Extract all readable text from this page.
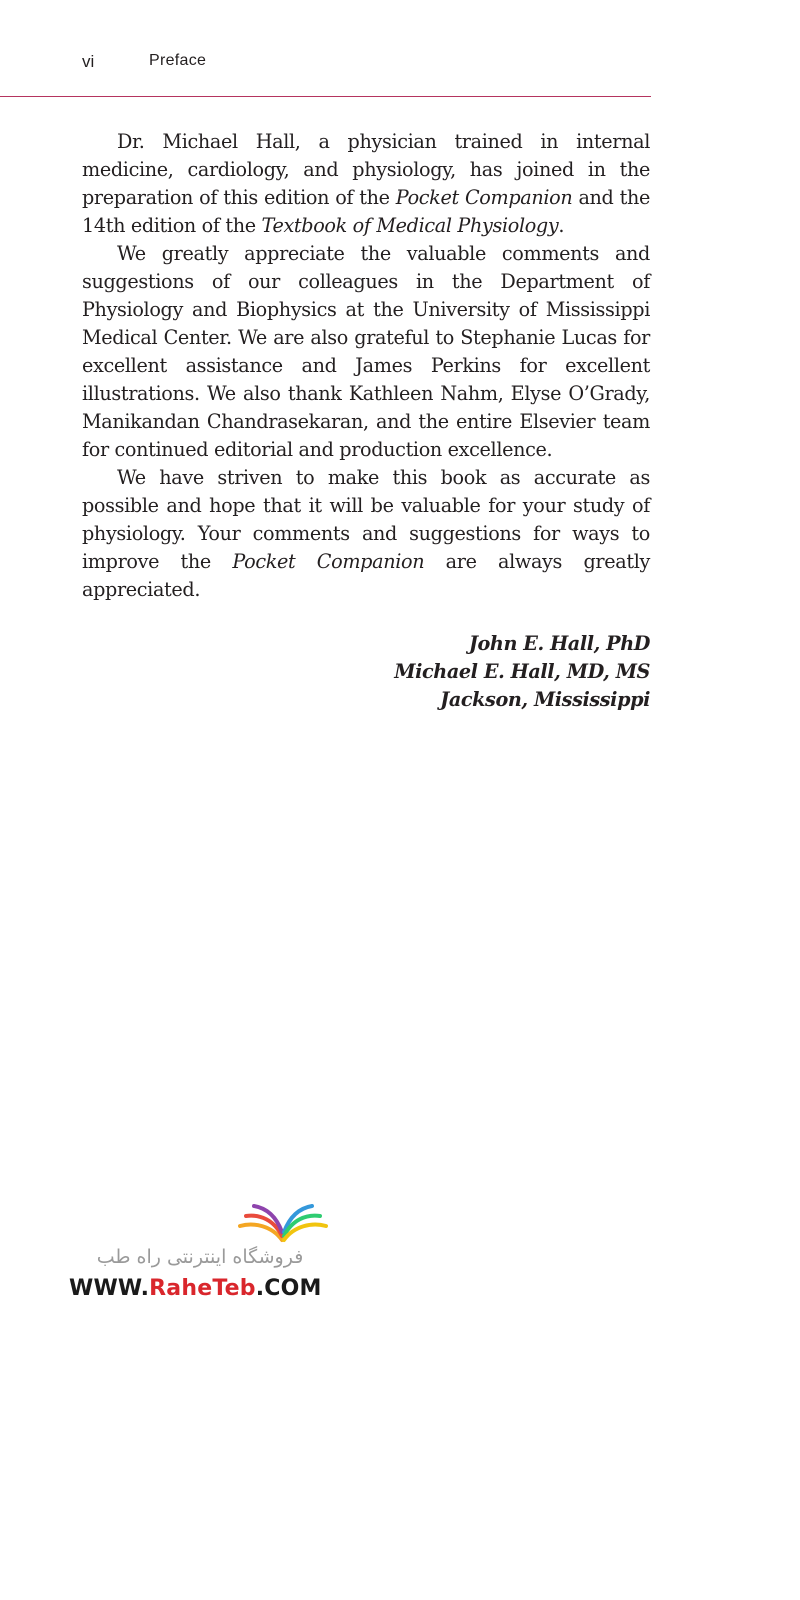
vi	Preface

Dr. Michael Hall, a physician trained in internal medicine, cardiology, and physiology, has joined in the preparation of this edition of the Pocket Companion and the 14th edition of the Textbook of Medical Physiology.

We greatly appreciate the valuable comments and suggestions of our colleagues in the Department of Physiology and Biophysics at the University of Mississippi Medical Center. We are also grateful to Stephanie Lucas for excellent assistance and James Perkins for excellent illustrations. We also thank Kathleen Nahm, Elyse O’Grady, Manikandan Chandrasekaran, and the entire Elsevier team for continued editorial and production excellence.

We have striven to make this book as accurate as possible and hope that it will be valuable for your study of physiology. Your comments and suggestions for ways to improve the Pocket Companion are always greatly appreciated.

John E. Hall, PhD
Michael E. Hall, MD, MS
Jackson, Mississippi
فروشگاه اینترنتی راه طب
WWW.RaheTeb.COM
